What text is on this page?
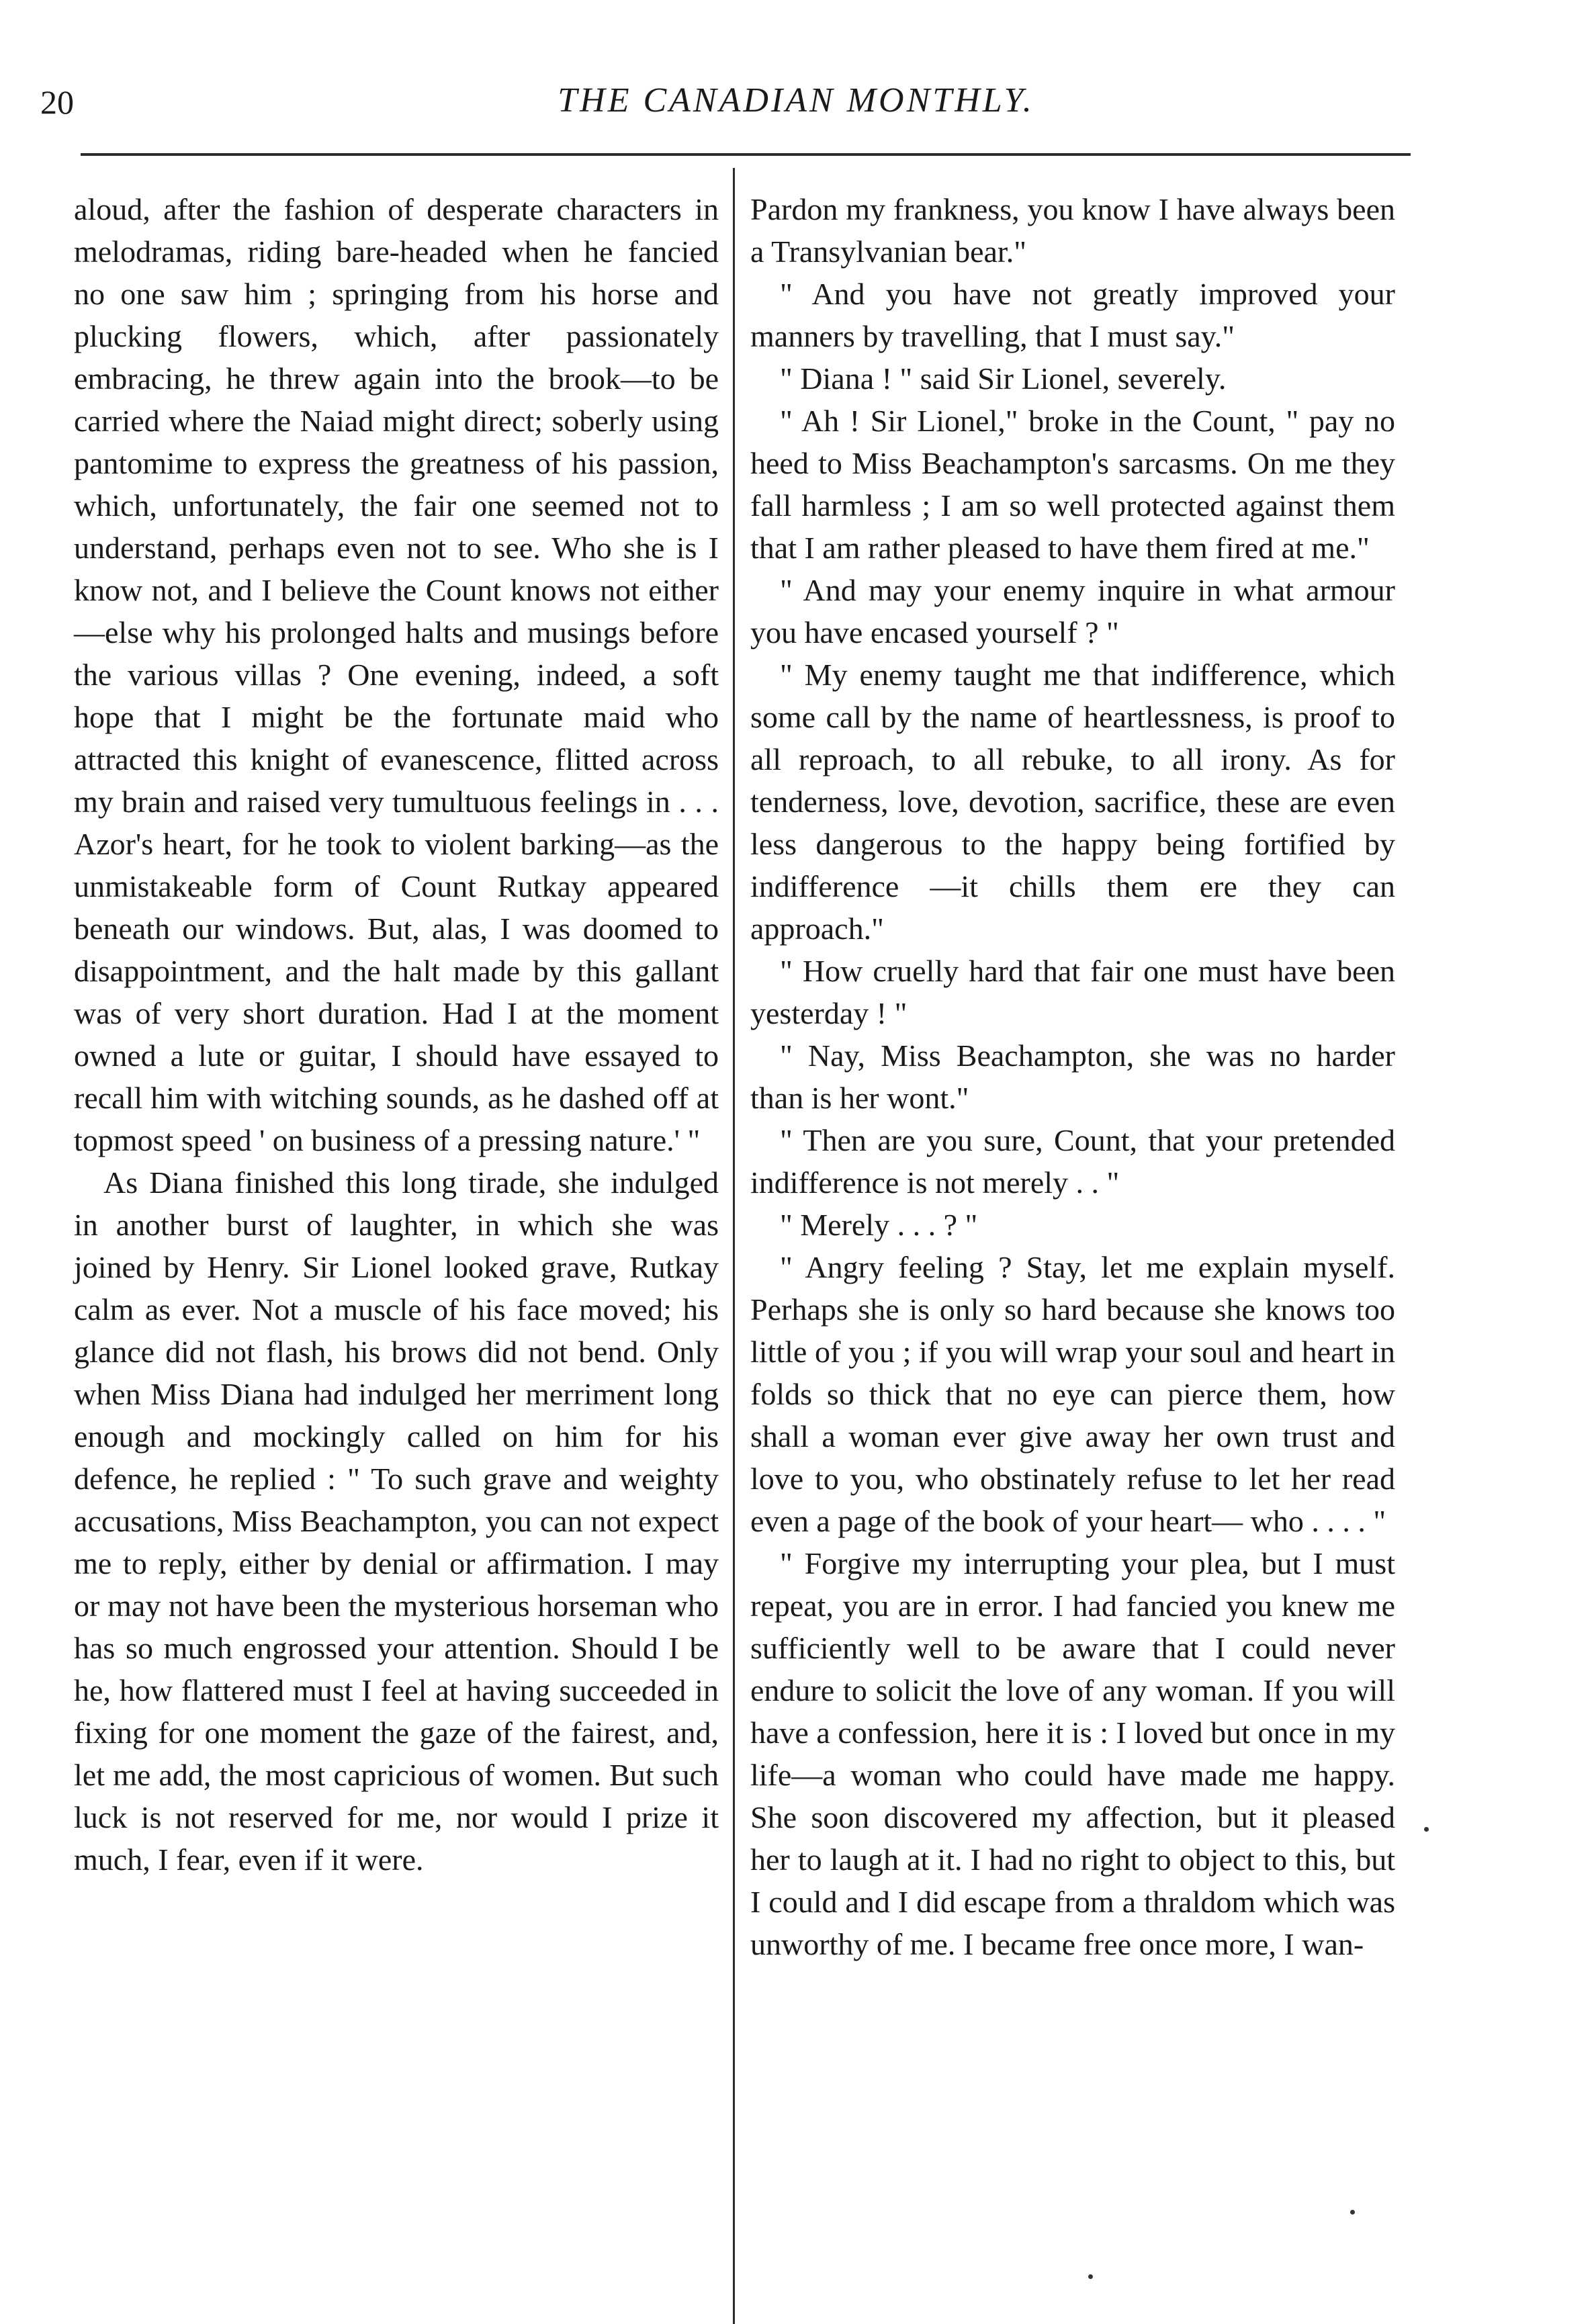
20	THE CANADIAN MONTHLY.

aloud, after the fashion of desperate characters in melodramas, riding bare-headed when he fancied no one saw him ; springing from his horse and plucking flowers, which, after passionately embracing, he threw again into the brook—to be carried where the Naiad might direct; soberly using pantomime to express the greatness of his passion, which, unfortunately, the fair one seemed not to understand, perhaps even not to see. Who she is I know not, and I believe the Count knows not either—else why his prolonged halts and musings before the various villas ? One evening, indeed, a soft hope that I might be the fortunate maid who attracted this knight of evanescence, flitted across my brain and raised very tumultuous feelings in . . . Azor's heart, for he took to violent barking—as the unmistakeable form of Count Rutkay appeared beneath our windows. But, alas, I was doomed to disappointment, and the halt made by this gallant was of very short duration. Had I at the moment owned a lute or guitar, I should have essayed to recall him with witching sounds, as he dashed off at topmost speed ' on business of a pressing nature.' "

As Diana finished this long tirade, she indulged in another burst of laughter, in which she was joined by Henry. Sir Lionel looked grave, Rutkay calm as ever. Not a muscle of his face moved; his glance did not flash, his brows did not bend. Only when Miss Diana had indulged her merriment long enough and mockingly called on him for his defence, he replied : " To such grave and weighty accusations, Miss Beachampton, you can not expect me to reply, either by denial or affirmation. I may or may not have been the mysterious horseman who has so much engrossed your attention. Should I be he, how flattered must I feel at having succeeded in fixing for one moment the gaze of the fairest, and, let me add, the most capricious of women. But such luck is not reserved for me, nor would I prize it much, I fear, even if it were.

Pardon my frankness, you know I have always been a Transylvanian bear."

" And you have not greatly improved your manners by travelling, that I must say."

" Diana ! " said Sir Lionel, severely.

" Ah ! Sir Lionel," broke in the Count, " pay no heed to Miss Beachampton's sarcasms. On me they fall harmless ; I am so well protected against them that I am rather pleased to have them fired at me."

" And may your enemy inquire in what armour you have encased yourself ? "

" My enemy taught me that indifference, which some call by the name of heartlessness, is proof to all reproach, to all rebuke, to all irony. As for tenderness, love, devotion, sacrifice, these are even less dangerous to the happy being fortified by indifference —it chills them ere they can approach."

" How cruelly hard that fair one must have been yesterday ! "

" Nay, Miss Beachampton, she was no harder than is her wont."

" Then are you sure, Count, that your pretended indifference is not merely . . "

" Merely . . . ? "

" Angry feeling ? Stay, let me explain myself. Perhaps she is only so hard because she knows too little of you ; if you will wrap your soul and heart in folds so thick that no eye can pierce them, how shall a woman ever give away her own trust and love to you, who obstinately refuse to let her read even a page of the book of your heart— who . . . . "

" Forgive my interrupting your plea, but I must repeat, you are in error. I had fancied you knew me sufficiently well to be aware that I could never endure to solicit the love of any woman. If you will have a confession, here it is : I loved but once in my life—a woman who could have made me happy. She soon discovered my affection, but it pleased her to laugh at it. I had no right to object to this, but I could and I did escape from a thraldom which was unworthy of me. I became free once more, I wan-
